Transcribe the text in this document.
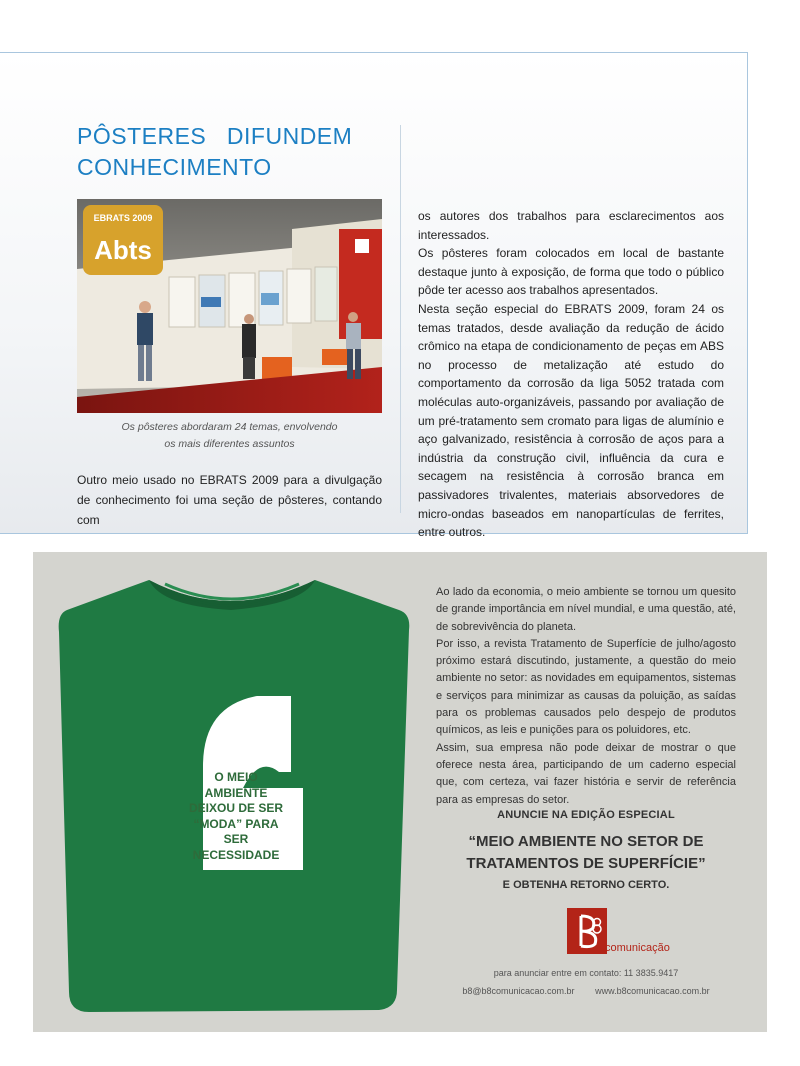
PÔSTERES   DIFUNDEM
CONHECIMENTO
EBRATS 2009
Abts
Os pôsteres abordaram 24 temas, envolvendo
os mais diferentes assuntos

Outro meio usado no EBRATS 2009 para a divulgação de conhecimento foi uma seção de pôsteres, contando com

os autores dos trabalhos para esclarecimentos aos interessados.

Os pôsteres foram colocados em local de bastante destaque junto à exposição, de forma que todo o público pôde ter acesso aos trabalhos apresentados.

Nesta seção especial do EBRATS 2009, foram 24 os temas tratados, desde avaliação da redução de ácido crômico na etapa de condicionamento de peças em ABS no processo de metalização até estudo do comportamento da corrosão da liga 5052 tratada com moléculas auto-organizáveis, passando por avaliação de um pré-tratamento sem cromato para ligas de alumínio e aço galvanizado, resistência à corrosão de aços para a indústria da construção civil, influência da cura e secagem na resistência à corrosão branca em passivadores trivalentes, materiais absorvedores de micro-ondas baseados em nanopartículas de ferrites, entre outros.

O MEIO AMBIENTE
DEIXOU DE SER
“MODA” PARA
SER NECESSIDADE

Ao lado da economia, o meio ambiente se tornou um quesito de grande importância em nível mundial, e uma questão, até, de sobrevivência do planeta.

Por isso, a revista Tratamento de Superfície de julho/agosto próximo estará discutindo, justamente, a questão do meio ambiente no setor: as novidades em equipamentos, sistemas e serviços para minimizar as causas da poluição, as saídas para os problemas causados pelo despejo de produtos químicos, as leis e punições para os poluidores, etc.

Assim, sua empresa não pode deixar de mostrar o que oferece nesta área, participando de um caderno especial que, com certeza, vai fazer história e servir de referência para as empresas do setor.

ANUNCIE NA EDIÇÃO ESPECIAL
“MEIO AMBIENTE NO SETOR DE
TRATAMENTOS DE SUPERFÍCIE”
E OBTENHA RETORNO CERTO.
comunicação
para anunciar entre em contato: 11 3835.9417
b8@b8comunicacao.com.br www.b8comunicacao.com.br
